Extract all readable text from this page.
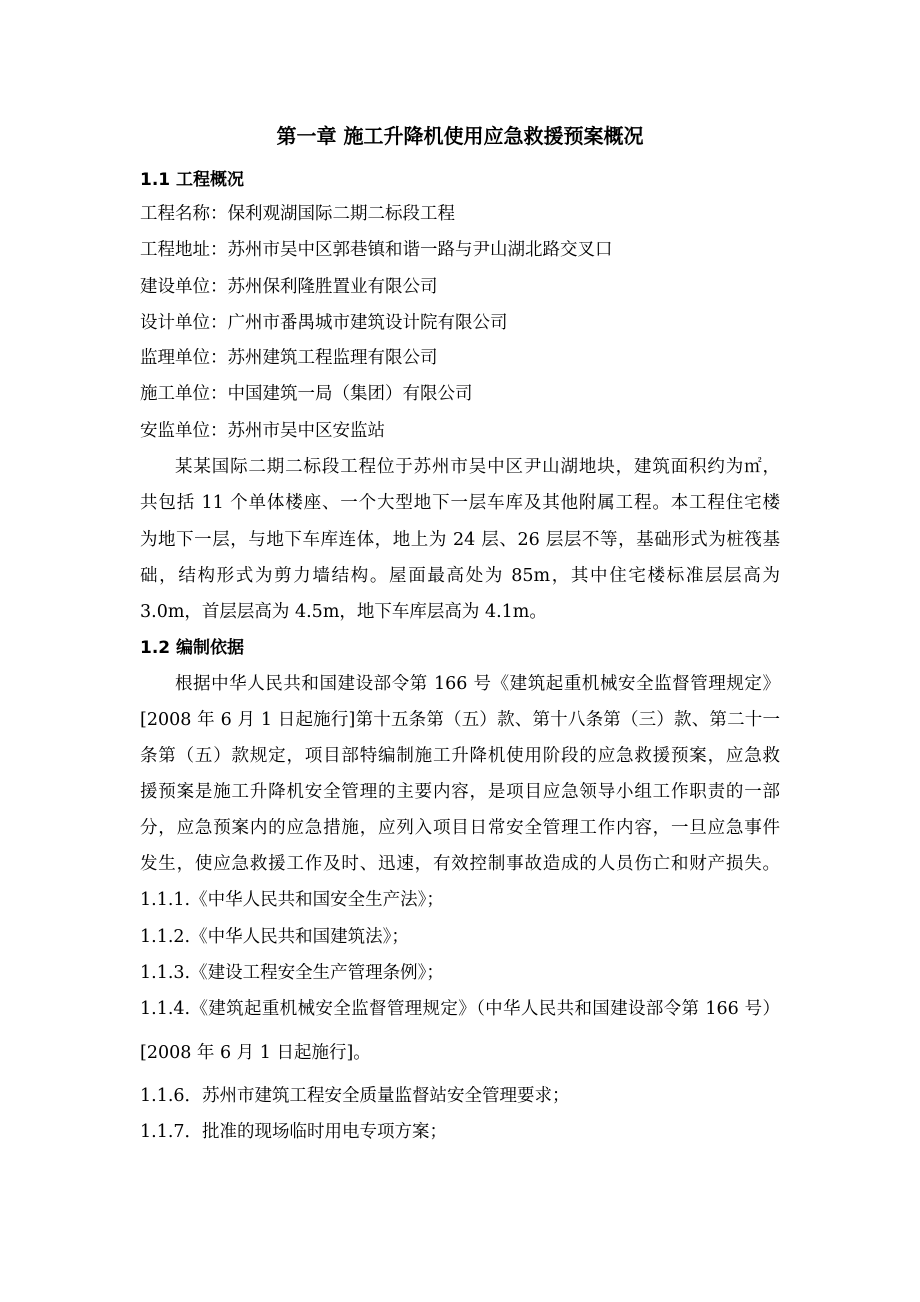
第一章 施工升降机使用应急救援预案概况
1.1 工程概况
工程名称：保利观湖国际二期二标段工程
工程地址：苏州市吴中区郭巷镇和谐一路与尹山湖北路交叉口
建设单位：苏州保利隆胜置业有限公司
设计单位：广州市番禺城市建筑设计院有限公司
监理单位：苏州建筑工程监理有限公司
施工单位：中国建筑一局（集团）有限公司
安监单位：苏州市吴中区安监站
某某国际二期二标段工程位于苏州市吴中区尹山湖地块，建筑面积约为㎡，
共包括 11 个单体楼座、一个大型地下一层车库及其他附属工程。本工程住宅楼
为地下一层，与地下车库连体，地上为 24 层、26 层层不等，基础形式为桩筏基
础，结构形式为剪力墙结构。屋面最高处为 85m，其中住宅楼标准层层高为
3.0m，首层层高为 4.5m，地下车库层高为 4.1m。
1.2 编制依据
根据中华人民共和国建设部令第 166 号《建筑起重机械安全监督管理规定》
[2008 年 6 月 1 日起施行]第十五条第（五）款、第十八条第（三）款、第二十一
条第（五）款规定，项目部特编制施工升降机使用阶段的应急救援预案，应急救
援预案是施工升降机安全管理的主要内容，是项目应急领导小组工作职责的一部
分，应急预案内的应急措施，应列入项目日常安全管理工作内容，一旦应急事件
发生，使应急救援工作及时、迅速，有效控制事故造成的人员伤亡和财产损失。
1.1.1.《中华人民共和国安全生产法》；
1.1.2.《中华人民共和国建筑法》；
1.1.3.《建设工程安全生产管理条例》；
1.1.4.《建筑起重机械安全监督管理规定》（中华人民共和国建设部令第 166 号）
[2008 年 6 月 1 日起施行]。
1.1.6．苏州市建筑工程安全质量监督站安全管理要求；
1.1.7．批准的现场临时用电专项方案；
